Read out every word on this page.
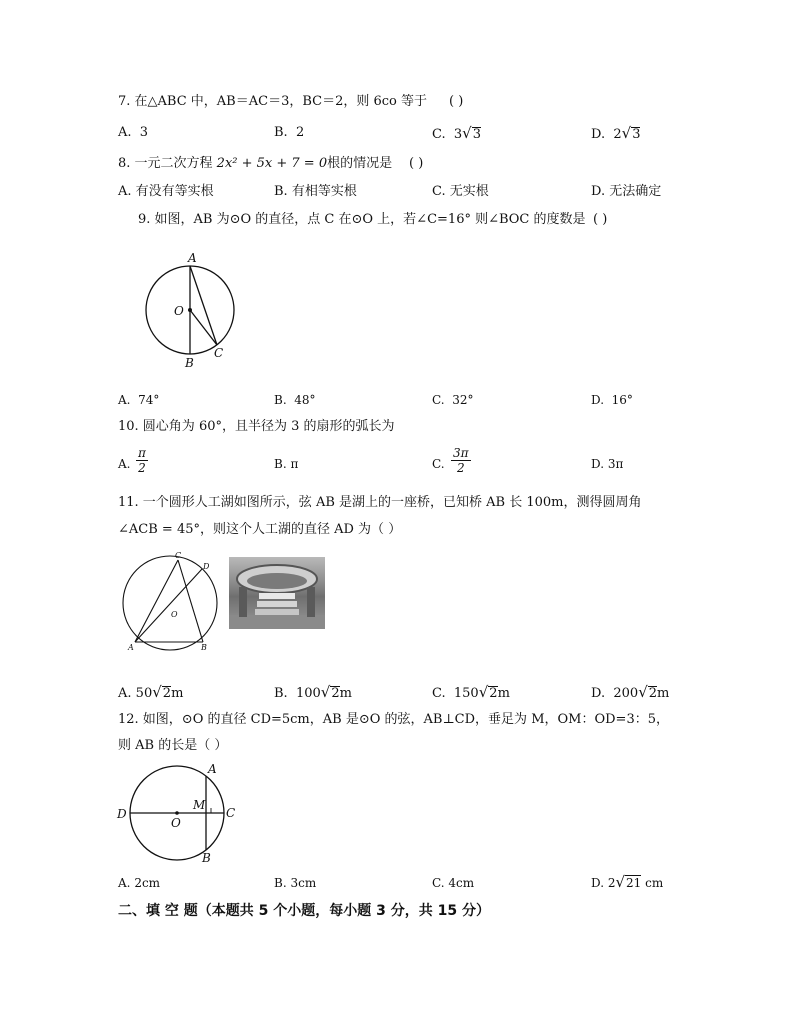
7. 在△ABC 中，AB＝AC＝3，BC＝2，则 6co 等于 ( )
A. 3	B. 2	C. 3√3	D. 2√3
8. 一元二次方程 2x² + 5x + 7 = 0根的情况是 ( )
A. 有没有等实根	B. 有相等实根	C. 无实根	D. 无法确定
9. 如图，AB 为⊙O 的直径，点 C 在⊙O 上，若∠C=16° 则∠BOC 的度数是 ( )
A
O
B
C
A. 74°	B. 48°	C. 32°	D. 16°
10. 圆心角为 60°，且半径为 3 的扇形的弧长为
A.
π
2	B. π	C.
3π
2	D. 3π
11. 一个圆形人工湖如图所示，弦 AB 是湖上的一座桥，已知桥 AB 长 100m，测得圆周角
∠ACB = 45°，则这个人工湖的直径 AD 为（ ）
C
D
O
A	B
A. 50√2m	B. 100√2m	C. 150√2m	D. 200√2m
12. 如图，⊙O 的直径 CD=5cm，AB 是⊙O 的弦，AB⊥CD，垂足为 M，OM：OD=3：5，
则 AB 的长是（ ）
D
O
M
C
A
B
A. 2cm	B. 3cm	C. 4cm	D. 2√21 cm
二、填 空 题（本题共 5 个小题，每小题 3 分，共 15 分）
